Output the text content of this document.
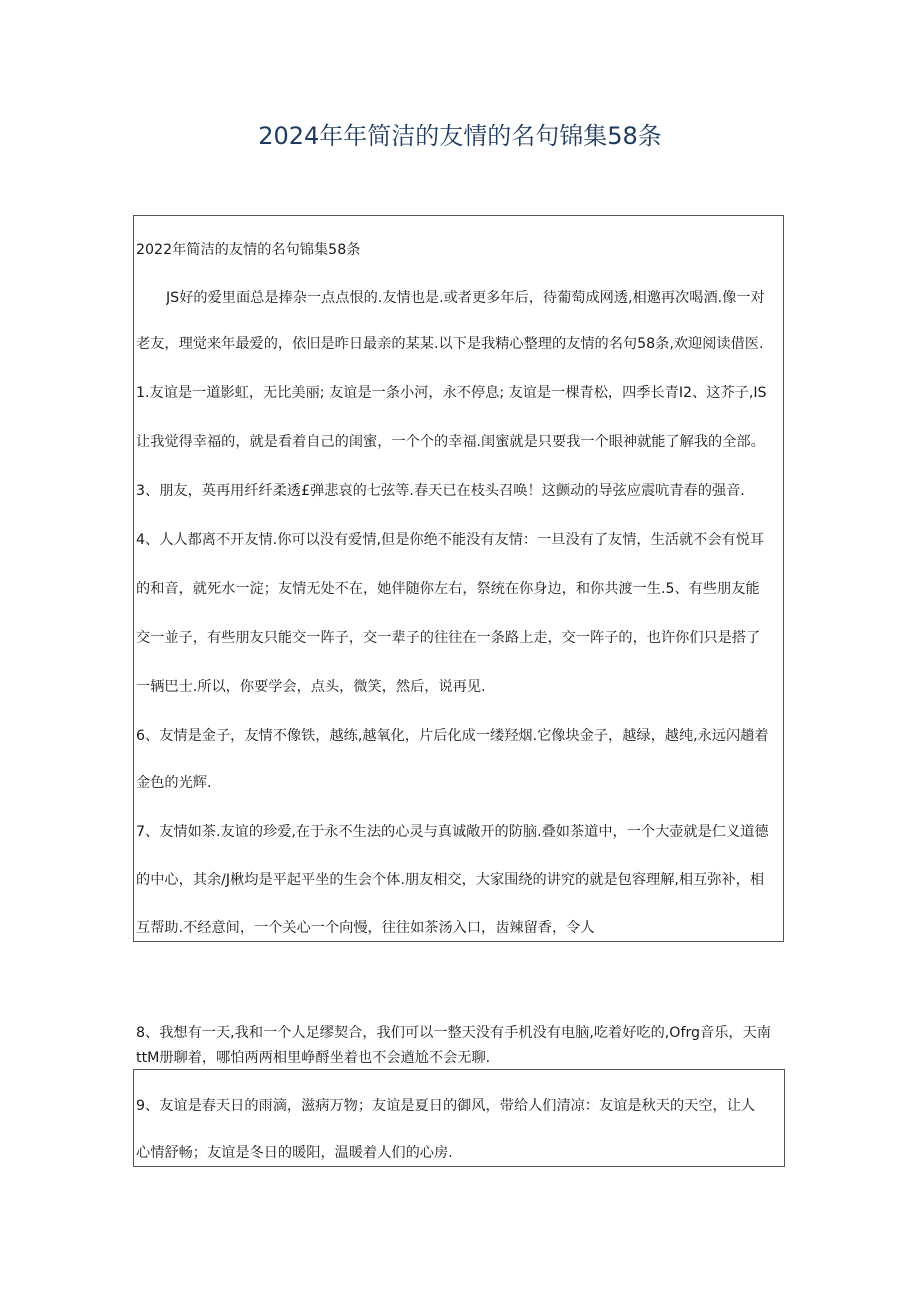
2024年年简洁的友情的名句锦集58条
2022年简洁的友情的名句锦集58条
JS好的爱里面总是捧杂一点点恨的.友情也是.或者更多年后，待葡萄成网透,相邀再次喝酒.像一对
老友，理觉来年最爱的，依旧是昨日最亲的某某.以下是我精心整理的友情的名句58条,欢迎阅读借医.
1.友谊是一道影虹，无比美丽; 友谊是一条小河，永不停息; 友谊是一棵青松，四季长青I2、这芥子,IS
让我觉得幸福的，就是看着自己的闺蜜，一个个的幸福.闺蜜就是只要我一个眼神就能了解我的全部。
3、朋友，英再用纤纤柔透£弹悲哀的七弦等.春天已在枝头召唤！这颤动的导弦应震吭青春的强音.
4、人人都离不开友情.你可以没有爱情,但是你绝不能没有友情：一旦没有了友情，生活就不会有悦耳
的和音，就死水一淀；友情无处不在，她伴随你左右，祭统在你身边，和你共渡一生.5、有些朋友能
交一並子，有些朋友只能交一阵子，交一辈子的往往在一条路上走，交一阵子的，也许你们只是搭了
一辆巴士.所以，你要学会，点头，微笑，然后，说再见.
6、友情是金子，友情不像铁，越练,越氧化，片后化成一缕羟烟.它像块金子，越绿，越纯,永远闪趟着
金色的光辉.
7、友情如茶.友谊的珍爱,在于永不生法的心灵与真诚敞开的防脑.叠如茶道中，一个大壶就是仁义道德
的中心，其余/J楸均是平起平坐的生会个体.朋友相交，大家围绕的讲究的就是包容理解,相互弥补，相
互帮助.不经意间，一个关心一个向慢，往往如茶汤入口，齿辣留香，令人
8、我想有一天,我和一个人足缪契合，我们可以一整天没有手机没有电脑,吃着好吃的,Ofrg音乐，天南
ttM册聊着，哪怕两两相里峥酹坐着也不会遒尬不会无聊.
9、友谊是春天日的雨滴，滋病万物；友谊是夏日的御风，带给人们清凉：友谊是秋天的天空，让人
心情舒畅；友谊是冬日的暖阳，温暖着人们的心房.
